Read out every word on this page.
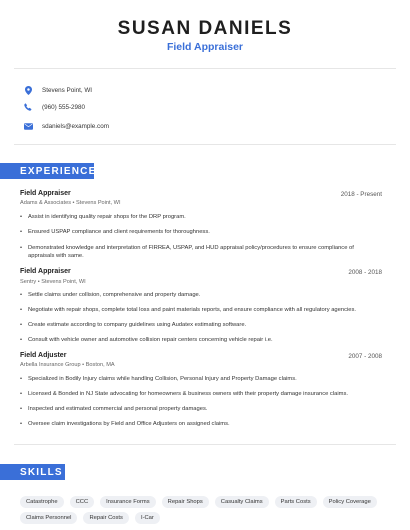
SUSAN DANIELS
Field Appraiser
Stevens Point, WI
(960) 555-2980
sdaniels@example.com
EXPERIENCE
Field Appraiser	2018 - Present
Adams & Associates • Stevens Point, WI
• Assist in identifying quality repair shops for the DRP program.
• Ensured USPAP compliance and client requirements for thoroughness.
• Demonstrated knowledge and interpretation of FIRREA, USPAP, and HUD appraisal policy/procedures to ensure compliance of appraisals with same.
Field Appraiser	2008 - 2018
Sentry • Stevens Point, WI
• Settle claims under collision, comprehensive and property damage.
• Negotiate with repair shops, complete total loss and paint materials reports, and ensure compliance with all regulatory agencies.
• Create estimate according to company guidelines using Audatex estimating software.
• Consult with vehicle owner and automotive collision repair centers concerning vehicle repair i.e.
Field Adjuster	2007 - 2008
Arbella Insurance Group • Boston, MA
• Specialized in Bodily Injury claims while handling Collision, Personal Injury and Property Damage claims.
• Licensed & Bonded in NJ State advocating for homeowners & business owners with their property damage insurance claims.
• Inspected and estimated commercial and personal property damages.
• Oversee claim investigations by Field and Office Adjusters on assigned claims.
SKILLS
Catastrophe	CCC	Insurance Forms	Repair Shops	Casualty Claims	Parts Costs	Policy Coverage
Claims Personnel	Repair Costs	I-Car
